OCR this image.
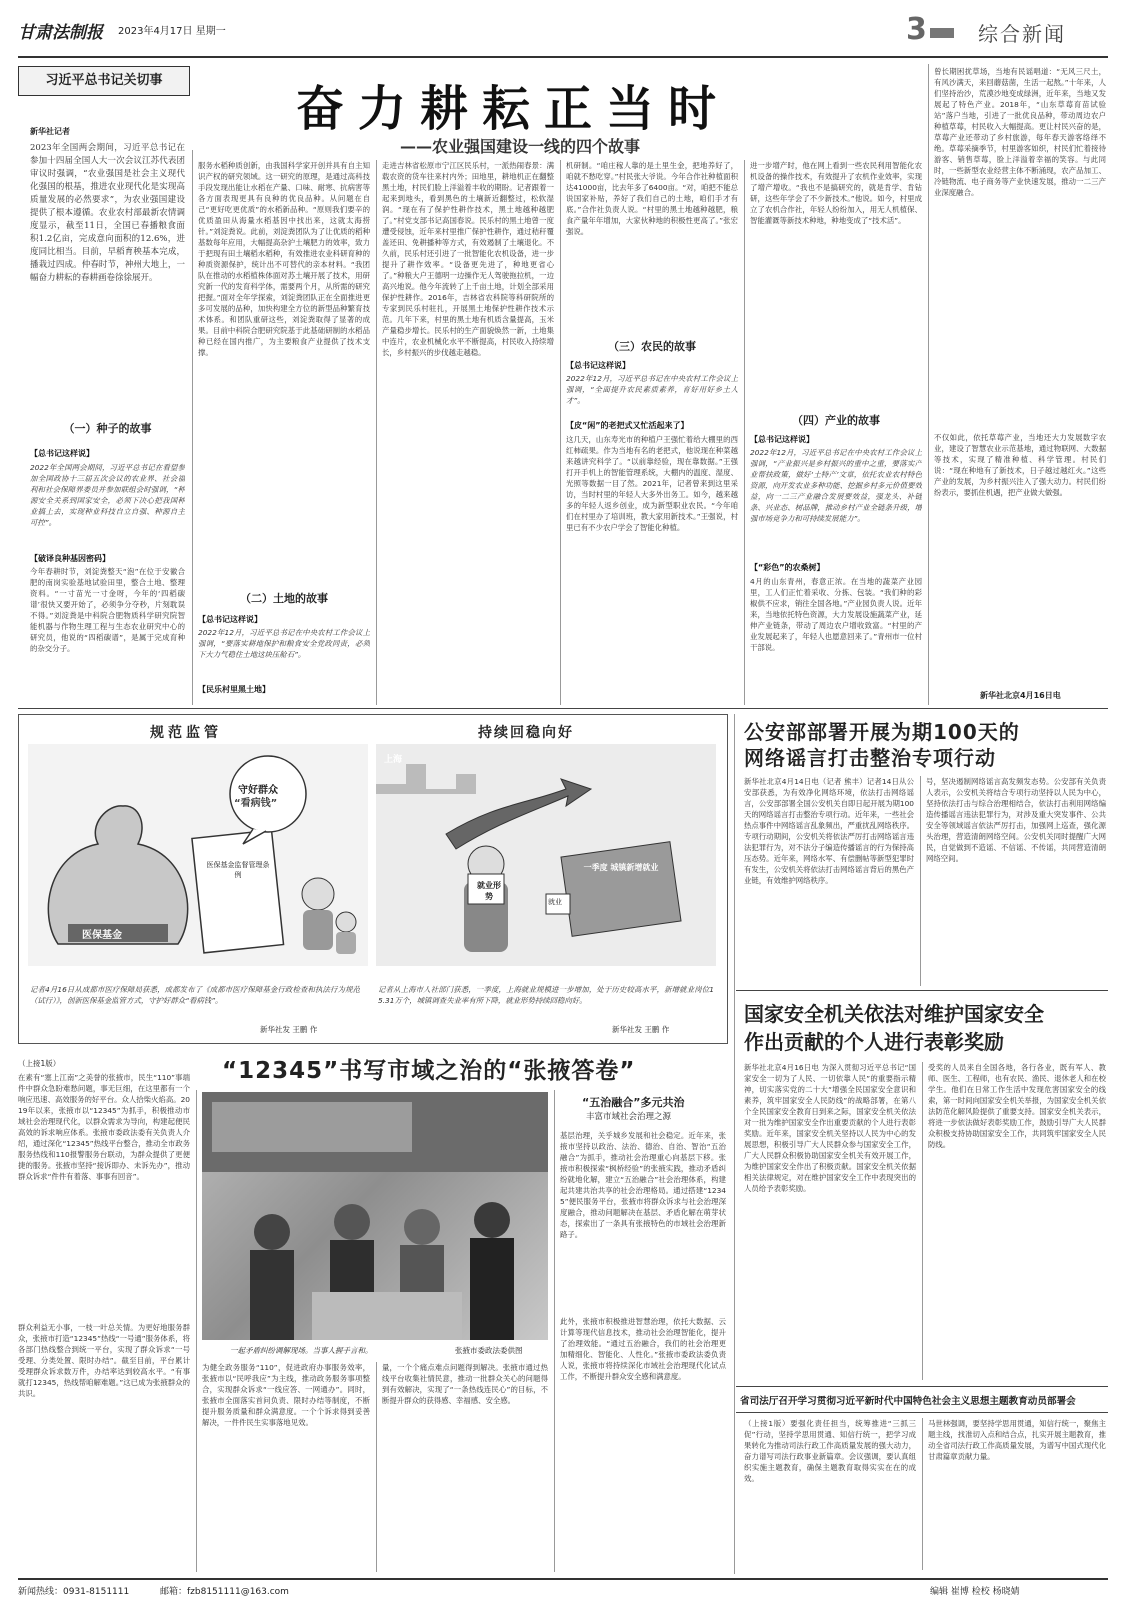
甘肃法制报 2023年4月17日 星期一	3	综合新闻
习近平总书记关切事
奋力耕耘正当时
——农业强国建设一线的四个故事
新华社记者
2023年全国两会期间，习近平总书记在参加十四届全国人大一次会议江苏代表团审议时强调，“农业强国是社会主义现代化强国的根基，推进农业现代化是实现高质量发展的必然要求”，为农业强国建设提供了根本遵循。农业农村部最新农情调度显示，截至11日，全国已春播粮食面积1.2亿亩，完成意向面积的12.6%，进度同比相当。目前，早稻育秧基本完成，播栽过四成。仲春时节，神州大地上，一幅奋力耕耘的春耕画卷徐徐展开。
（一）种子的故事
【总书记这样说】
2022年全国两会期间，习近平总书记在看望参加全国政协十三届五次会议的农业界、社会福利和社会保障界委员并参加联组会时强调，“种源安全关系到国家安全，必须下决心把我国种业搞上去，实现种业科技自立自强、种源自主可控”。
【破译良种基因密码】
今年春耕时节，刘淀粪整天“泡”在位于安徽合肥的南岗实验基地试验田里，整合土地、整理资料。“一寸苗光一寸金呀，今年的‘四稻碳谱’很快又要开始了，必须争分夺秒，片刻耽误不得。”刘淀粪是中科院合肥物质科学研究院智能机器与作物生理工程与生态农业研究中心的研究员，他说的“四稻碳谱”，是属于完成育种的杂交分子。
服务水稻种质创新，由我国科学家开创并具有自主知识产权的研究领域。这一研究的原理，是通过高科技手段发现出能让水稻在产量、口味、耐寒、抗病害等各方面表现更具有良种的优良品种。从问题在自己“更好吃更优质”的水稻新品种。“原则我们要辛的优质盈田从海量水稻基因中找出来，这就太海捞针。”刘淀粪说。此前，刘淀粪团队为了让优质的稻种基数每年应用，大幅提高杂沪土壤肥力的效率，致力于把现有田土壤稻水稻种，有效推进农业科研育种的种质资源保护，统计出不可替代的亲本材料。“我团队在推动的水稻植株体面对苏土壤开展了技术，用研究新一代的发育科学体，需要两个月，从所需的研究把握。”面对全年学探索，刘淀粪团队正在全面推进更多可发展的品种，加快构建全方位的新型品种繁育技术体系。和团队重研这些，刘淀粪取得了显著的成果。目前中科院合肥研究院基于此基础研制的水稻品种已经在国内推广，为主要粮食产业提供了技术支撑。
（二）土地的故事
【总书记这样说】
2022年12月，习近平总书记在中央农村工作会议上强调，“要落实耕地保护和粮食安全党政同责，必须下大力气稳住土地这块压舱石”。
【民乐村里黑土地】
走进吉林省松原市宁江区民乐村，一派热闹春景：满载农资的货车往来村内外；田地里，耕地机正在翻整黑土地，村民们脸上洋溢着丰收的期盼。记者跟着一起来到地头，看到黑色的土壤新近翻整过，松软湿润。“现在有了保护性耕作技术，黑土地越种越肥了。”村党支部书记高国春说。民乐村的黑土地曾一度遭受侵蚀，近年来村里推广保护性耕作，通过秸秆覆盖还田、免耕播种等方式，有效遏制了土壤退化。不久前，民乐村还引进了一批智能化农机设备，进一步提升了耕作效率。“设备更先进了，种地更省心了。”种粮大户王德明一边操作无人驾驶拖拉机，一边高兴地说。他今年流转了上千亩土地，计划全部采用保护性耕作。2016年，吉林省农科院等科研院所的专家到民乐村驻扎，开展黑土地保护性耕作技术示范。几年下来，村里的黑土地有机质含量提高，玉米产量稳步增长。民乐村的生产面貌焕然一新，土地集中连片，农业机械化水平不断提高，村民收入持续增长，乡村振兴的步伐越走越稳。
机研制。“咱庄稼人靠的是土里生金，把地养好了，咱就不愁吃穿。”村民张大爷说。今年合作社种植面积达41000亩，比去年多了6400亩。“对，咱把不能总说国家补贴，养好了我们自己的土地，咱们手才有底。”合作社负责人说。“村里的黑土地越种越肥，粮食产量年年增加，大家伙种地的积极性更高了。”张宏强说。
（三）农民的故事
【总书记这样说】
2022年12月，习近平总书记在中央农村工作会议上强调，“全面提升农民素质素养，育好用好乡土人才”。
【皮“闲”的老把式又忙活起来了】
这几天，山东寿光市的种植户王强忙着给大棚里的西红柿疏果。作为当地有名的老把式，他说现在种菜越来越讲究科学了。“以前靠经验，现在靠数据。”王强打开手机上的智能管理系统，大棚内的温度、湿度、光照等数据一目了然。2021年，记者曾来到这里采访，当时村里的年轻人大多外出务工。如今，越来越多的年轻人返乡创业，成为新型职业农民。“今年咱们在村里办了培训班，教大家用新技术。”王强说，村里已有不少农户学会了智能化种植。
进一步增产时，他在网上看到一些农民利用智能化农机设备的操作技术，有效提升了农机作业效率，实现了增产增收。“我也不是搞研究的，就是肯学、肯钻研，这些年学会了不少新技术。”他说。如今，村里成立了农机合作社，年轻人纷纷加入，用无人机植保、智能灌溉等新技术种地，种地变成了“技术活”。
（四）产业的故事
【总书记这样说】
2022年12月，习近平总书记在中央农村工作会议上强调，“产业振兴是乡村振兴的重中之重，要落实产业帮扶政策，做好‘土特产’文章，依托农业农村特色资源，向开发农业多种功能、挖掘乡村多元价值要效益，向一二三产业融合发展要效益，强龙头、补链条、兴业态、树品牌，推动乡村产业全链条升级，增强市场竞争力和可持续发展能力”。
【“彩色”的农桑树】
4月的山东青州，春意正浓。在当地的蔬菜产业园里，工人们正忙着采收、分拣、包装。“我们种的彩椒供不应求，销往全国各地。”产业园负责人说。近年来，当地依托特色资源，大力发展设施蔬菜产业，延伸产业链条，带动了周边农户增收致富。“村里的产业发展起来了，年轻人也愿意回来了。”青州市一位村干部说。
曾长期困扰草场，当地有民谣唱道：“无风三尺土，有风沙满天，来回蘑菇菌，生活一起熬。”十年来，人们坚持治沙，荒漠沙地变成绿洲，近年来，当地又发展起了特色产业。2018年，“山东草莓育苗试验站”落户当地，引进了一批优良品种，带动周边农户种植草莓，村民收入大幅提高。更让村民兴奋的是，草莓产业还带动了乡村旅游，每年春天游客络绎不绝。草莓采摘季节，村里游客如织，村民们忙着接待游客、销售草莓，脸上洋溢着幸福的笑容。与此同时，一些新型农业经营主体不断涌现，农产品加工、冷链物流、电子商务等产业快速发展，推动一二三产业深度融合。
不仅如此，依托草莓产业，当地还大力发展数字农业，建设了智慧农业示范基地，通过物联网、大数据等技术，实现了精准种植、科学管理。村民们说：“现在种地有了新技术，日子越过越红火。”这些产业的发展，为乡村振兴注入了强大动力。村民们纷纷表示，要抓住机遇，把产业做大做强。
新华社北京4月16日电
规范监管
守好群众
“看病钱”
医保基金监督管理条例
医保基金
记者4月16日从成都市医疗保障局获悉，成都发布了《成都市医疗保障基金行政检查和执法行为规范（试行）》，创新医保基金监管方式，守护好群众“看病钱”。
新华社发 王鹏 作
持续回稳向好
上海
就业形势
一季度 城镇新增就业
就业
记者从上海市人社部门获悉，一季度，上海就业规模进一步增加，处于历史较高水平，新增就业岗位15.31万个，城镇调查失业率有所下降，就业形势持续回稳向好。
新华社发 王鹏 作
公安部部署开展为期100天的
网络谣言打击整治专项行动
新华社北京4月14日电（记者 熊丰）记者14日从公安部获悉，为有效净化网络环境，依法打击网络谣言，公安部部署全国公安机关自即日起开展为期100天的网络谣言打击整治专项行动。近年来，一些社会热点事件中网络谣言乱象频出，严重扰乱网络秩序。专项行动期间，公安机关将依法严厉打击网络谣言违法犯罪行为，对不法分子编造传播谣言的行为保持高压态势。近年来，网络水军、有偿删帖等新型犯罪时有发生，公安机关将依法打击网络谣言背后的黑色产业链，有效维护网络秩序。
号，坚决遏制网络谣言高发频发态势。公安部有关负责人表示，公安机关将结合专项行动坚持以人民为中心，坚持依法打击与综合治理相结合，依法打击利用网络编造传播谣言违法犯罪行为，对涉及重大突发事件、公共安全等领域谣言依法严厉打击，加强网上巡查，强化源头治理，营造清朗网络空间。公安机关同时提醒广大网民，自觉做到不造谣、不信谣、不传谣，共同营造清朗网络空间。
国家安全机关依法对维护国家安全
作出贡献的个人进行表彰奖励
新华社北京4月16日电 为深入贯彻习近平总书记“国家安全一切为了人民、一切依靠人民”的重要指示精神，切实落实党的二十大“增强全民国家安全意识和素养，筑牢国家安全人民防线”的战略部署，在第八个全民国家安全教育日到来之际，国家安全机关依法对一批为维护国家安全作出重要贡献的个人进行表彰奖励。近年来，国家安全机关坚持以人民为中心的发展思想，积极引导广大人民群众参与国家安全工作，广大人民群众积极协助国家安全机关有效开展工作，为维护国家安全作出了积极贡献。国家安全机关依据相关法律规定，对在维护国家安全工作中表现突出的人员给予表彰奖励。
受奖的人员来自全国各地，各行各业，既有军人、教师、医生、工程师，也有农民、渔民、退休老人和在校学生。他们在日常工作生活中发现危害国家安全的线索，第一时间向国家安全机关举报，为国家安全机关依法防范化解风险提供了重要支持。国家安全机关表示，将进一步依法做好表彰奖励工作，鼓励引导广大人民群众积极支持协助国家安全工作，共同筑牢国家安全人民防线。
（上接1版）	“12345”书写市域之治的“张掖答卷”
在素有“塞上江南”之美誉的张掖市，民生“110”事端件中群众急盼难愁问题，事无巨细，在这里都有一个响应迅速、高效服务的好平台。众人拾柴火焰高。2019年以来，张掖市以“12345”为抓手，积极推动市域社会治理现代化，以群众需求为导向，构建起便民高效的诉求响应体系。张掖市委政法委有关负责人介绍，通过深化“12345”热线平台整合，推动全市政务服务热线和110报警服务台联动，为群众提供了更便捷的服务。张掖市坚持“接诉即办、未诉先办”，推动群众诉求“件件有着落、事事有回音”。
群众利益无小事，一枝一叶总关情。为更好地服务群众，张掖市打造“12345”热线“一号通”服务体系，将各部门热线整合到统一平台，实现了群众诉求“一号受理、分类处置、限时办结”。截至目前，平台累计受理群众诉求数万件，办结率达到较高水平。“有事就打12345，热线帮咱解难题。”这已成为张掖群众的共识。
一起矛盾纠纷调解现场。当事人握手言和。	张掖市委政法委供图
为健全政务服务“110”，促进政府办事服务效率，张掖市以“民呼我应”为主线，推动政务服务事项整合，实现群众诉求“一线应答、一网通办”。同时，张掖市全面落实首问负责、限时办结等制度，不断提升服务质量和群众满意度。一个个诉求得到妥善解决，一件件民生实事落地见效。
量，一个个痛点难点问题得到解决。张掖市通过热线平台收集社情民意，推动一批群众关心的问题得到有效解决，实现了“一条热线连民心”的目标，不断提升群众的获得感、幸福感、安全感。
“五治融合”多元共治
丰富市域社会治理之源
基层治理，关乎城乡发展和社会稳定。近年来，张掖市坚持以政治、法治、德治、自治、智治“五治融合”为抓手，推动社会治理重心向基层下移。张掖市积极探索“枫桥经验”的张掖实践，推动矛盾纠纷就地化解，建立“五治融合”社会治理体系，构建起共建共治共享的社会治理格局。通过搭建“12345”便民服务平台，张掖市将群众诉求与社会治理深度融合，推动问题解决在基层、矛盾化解在萌芽状态，探索出了一条具有张掖特色的市域社会治理新路子。
此外，张掖市积极推进智慧治理，依托大数据、云计算等现代信息技术，推动社会治理智能化，提升了治理效能。“通过五治融合，我们的社会治理更加精细化、智能化、人性化。”张掖市委政法委负责人说，张掖市将持续深化市域社会治理现代化试点工作，不断提升群众安全感和满意度。
省司法厅召开学习贯彻习近平新时代中国特色社会主义思想主题教育动员部署会
（上接1版）要强化责任担当，统筹推进“三抓三促”行动，坚持学思用贯通、知信行统一，把学习成果转化为推动司法行政工作高质量发展的强大动力，奋力谱写司法行政事业新篇章。会议强调，要认真组织实施主题教育，确保主题教育取得实实在在的成效。
马世林强调，要坚持学思用贯通，知信行统一，聚焦主题主线，找准切入点和结合点，扎实开展主题教育，推动全省司法行政工作高质量发展，为谱写中国式现代化甘肃篇章贡献力量。
新闻热线：0931-8151111	邮箱：fzb8151111@163.com	编辑 崔博 检校 杨晓婧
